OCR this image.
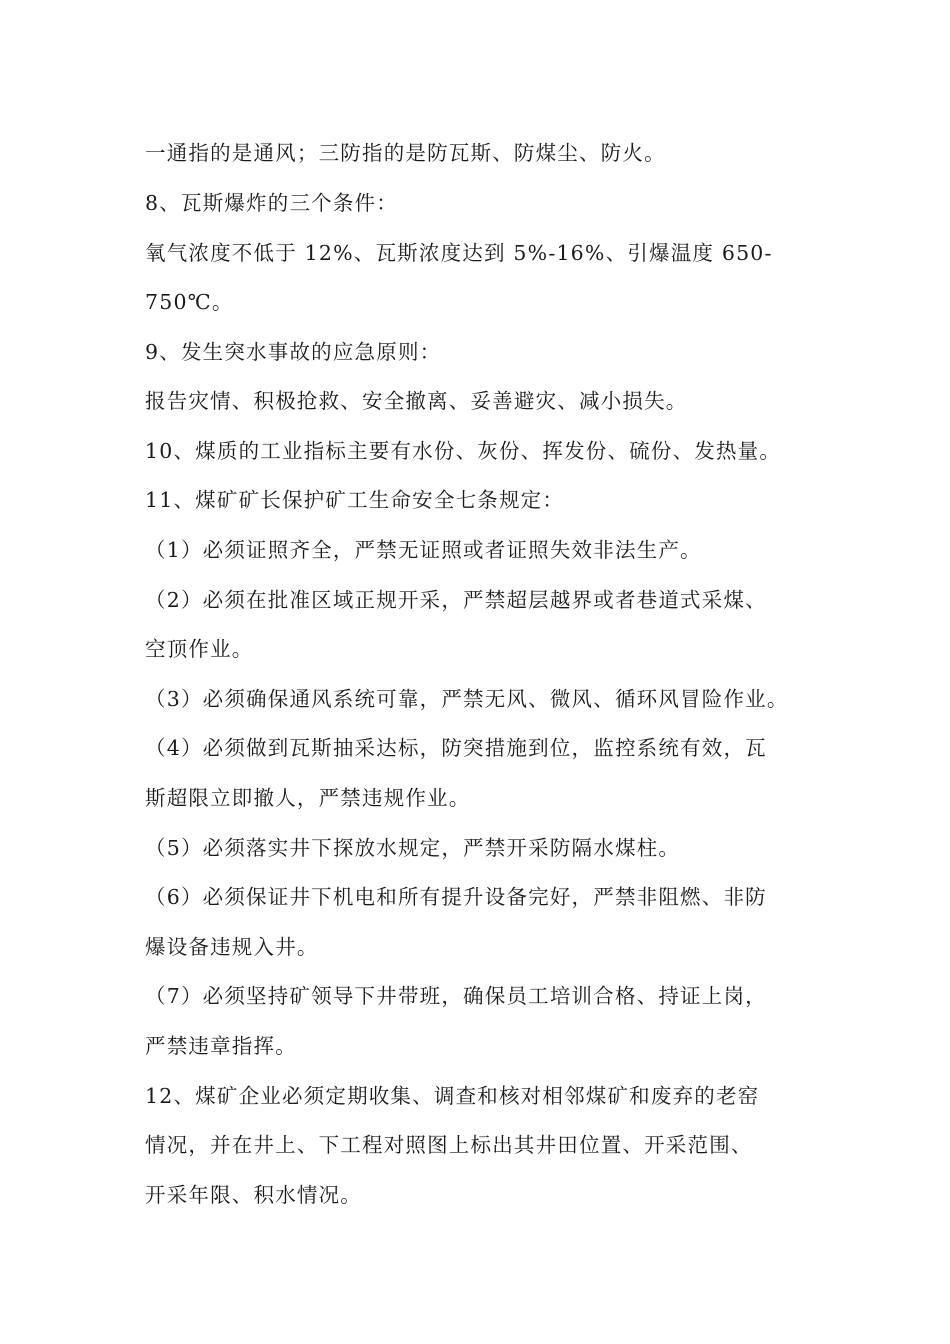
一通指的是通风；三防指的是防瓦斯、防煤尘、防火。
8、瓦斯爆炸的三个条件：
氧气浓度不低于 12%、瓦斯浓度达到 5%-16%、引爆温度 650-
750℃。
9、发生突水事故的应急原则：
报告灾情、积极抢救、安全撤离、妥善避灾、减小损失。
10、煤质的工业指标主要有水份、灰份、挥发份、硫份、发热量。
11、煤矿矿长保护矿工生命安全七条规定：
（1）必须证照齐全，严禁无证照或者证照失效非法生产。
（2）必须在批准区域正规开采，严禁超层越界或者巷道式采煤、
空顶作业。
（3）必须确保通风系统可靠，严禁无风、微风、循环风冒险作业。
（4）必须做到瓦斯抽采达标，防突措施到位，监控系统有效，瓦
斯超限立即撤人，严禁违规作业。
（5）必须落实井下探放水规定，严禁开采防隔水煤柱。
（6）必须保证井下机电和所有提升设备完好，严禁非阻燃、非防
爆设备违规入井。
（7）必须坚持矿领导下井带班，确保员工培训合格、持证上岗，
严禁违章指挥。
12、煤矿企业必须定期收集、调查和核对相邻煤矿和废弃的老窑
情况，并在井上、下工程对照图上标出其井田位置、开采范围、
开采年限、积水情况。
